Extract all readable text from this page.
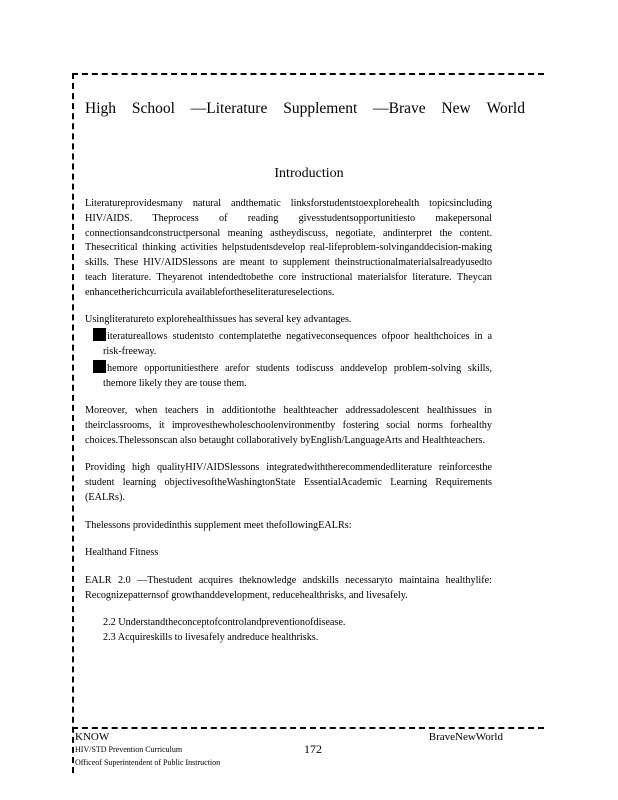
High School —Literature Supplement —Brave New World
Introduction

Literatureprovidesmany natural andthematic linksforstudentstoexplorehealth topicsincluding HIV/AIDS. Theprocess of reading givesstudentsopportunitiesto makepersonal connectionsandconstructpersonal meaning astheydiscuss, negotiate, andinterpret the content. Thesecritical thinking activities helpstudentsdevelop real-lifeproblem-solvinganddecision-making skills. These HIV/AIDSlessons are meant to supplement theinstructionalmaterialsalreadyusedto teach literature. Theyarenot intendedtobethe core instructional materialsfor literature. Theycan enhancetherichcurricula availablefortheseliteratureselections.

Usingliteratureto explorehealthissues has several key advantages.

iteratureallows studentsto contemplatethe negativeconsequences ofpoor healthchoices in a risk-freeway.

hemore opportunitiesthere arefor students todiscuss anddevelop problem-solving skills, themore likely they are touse them.

Moreover, when teachers in additiontothe healthteacher addressadolescent healthissues in theirclassrooms, it improvesthewholeschoolenvironmentby fostering social norms forhealthy choices.Thelessonscan also betaught collaboratively byEnglish/LanguageArts and Healthteachers.

Providing high qualityHIV/AIDSlessons integratedwiththerecommendedliterature reinforcesthe student learning objectivesoftheWashingtonState EssentialAcademic Learning Requirements (EALRs).

Thelessons providedinthis supplement meet thefollowingEALRs:

Healthand Fitness

EALR 2.0 —Thestudent acquires theknowledge andskills necessaryto maintaina healthylife: Recognizepatternsof growthanddevelopment, reducehealthrisks, and livesafely.

2.2 Understandtheconceptofcontrolandpreventionofdisease.

2.3 Acquireskills to livesafely andreduce healthrisks.

KNOW
HIV/STD Prevention Curriculum
Officeof Superintendent of Public Instruction
172
BraveNewWorld
